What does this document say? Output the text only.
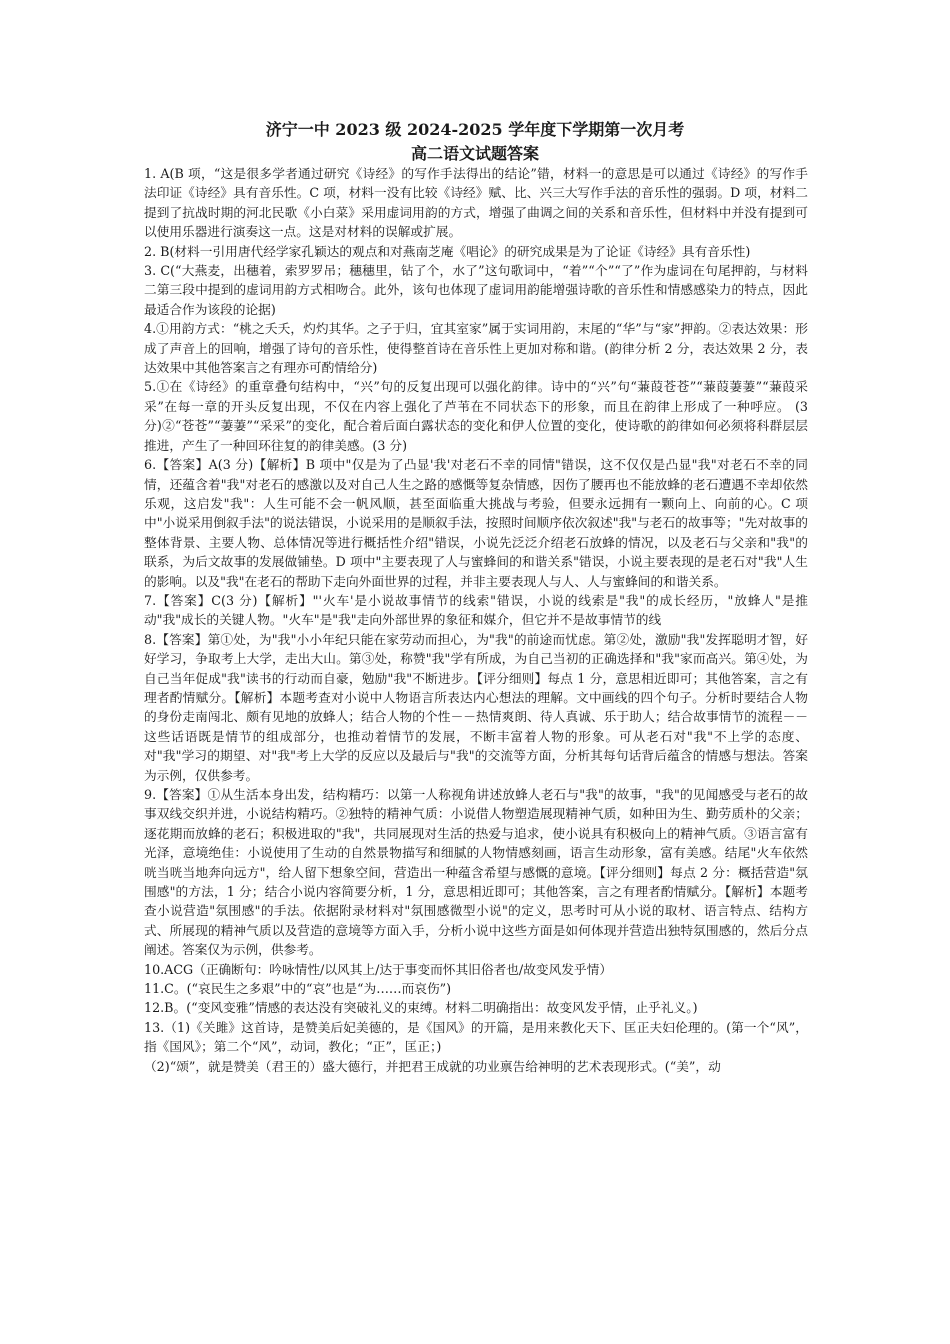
济宁一中 2023 级 2024-2025 学年度下学期第一次月考
高二语文试题答案

1. A(B 项，“这是很多学者通过研究《诗经》的写作手法得出的结论”错，材料一的意思是可以通过《诗经》的写作手法印证《诗经》具有音乐性。C 项，材料一没有比较《诗经》赋、比、兴三大写作手法的音乐性的强弱。D 项，材料二提到了抗战时期的河北民歌《小白菜》采用虚词用韵的方式，增强了曲调之间的关系和音乐性，但材料中并没有提到可以使用乐器进行演奏这一点。这是对材料的误解或扩展。

2. B(材料一引用唐代经学家孔颖达的观点和对燕南芝庵《唱论》的研究成果是为了论证《诗经》具有音乐性)

3. C(“大燕麦，出穗着，索罗罗吊；穗穗里，钻了个，水了”这句歌词中，“着”“个”“了”作为虚词在句尾押韵，与材料二第三段中提到的虚词用韵方式相吻合。此外，该句也体现了虚词用韵能增强诗歌的音乐性和情感感染力的特点，因此最适合作为该段的论据)

4.①用韵方式：“桃之夭夭，灼灼其华。之子于归，宜其室家”属于实词用韵，末尾的“华”与“家”押韵。②表达效果：形成了声音上的回响，增强了诗句的音乐性，使得整首诗在音乐性上更加对称和谐。(韵律分析 2 分，表达效果 2 分，表达效果中其他答案言之有理亦可酌情给分)

5.①在《诗经》的重章叠句结构中，“兴”句的反复出现可以强化韵律。诗中的“兴”句“蒹葭苍苍”“蒹葭萋萋”“蒹葭采采”在每一章的开头反复出现，不仅在内容上强化了芦苇在不同状态下的形象，而且在韵律上形成了一种呼应。 (3 分)②“苍苍”“萋萋”“采采”的变化，配合着后面白露状态的变化和伊人位置的变化，使诗歌的韵律如何必须将科群层层推进，产生了一种回环往复的韵律美感。(3 分)

6.【答案】A(3 分)【解析】B 项中"仅是为了凸显'我'对老石不幸的同情"错误，这不仅仅是凸显"我"对老石不幸的同情，还蕴含着"我"对老石的感激以及对自己人生之路的感慨等复杂情感，因伤了腰再也不能放蜂的老石遭遇不幸却依然乐观，这启发"我"：人生可能不会一帆风顺，甚至面临重大挑战与考验，但要永远拥有一颗向上、向前的心。C 项中"小说采用倒叙手法"的说法错误，小说采用的是顺叙手法，按照时间顺序依次叙述"我"与老石的故事等；"先对故事的整体背景、主要人物、总体情况等进行概括性介绍"错误，小说先泛泛介绍老石放蜂的情况，以及老石与父亲和"我"的联系，为后文故事的发展做铺垫。D 项中"主要表现了人与蜜蜂间的和谐关系"错误，小说主要表现的是老石对"我"人生的影响。以及"我"在老石的帮助下走向外面世界的过程，并非主要表现人与人、人与蜜蜂间的和谐关系。

7.【答案】C(3 分)【解析】"'火车'是小说故事情节的线索"错误，小说的线索是"我"的成长经历，"放蜂人"是推动"我"成长的关键人物。"火车"是"我"走向外部世界的象征和媒介，但它并不是故事情节的线

8.【答案】第①处，为"我"小小年纪只能在家劳动而担心，为"我"的前途而忧虑。第②处，激励"我"发挥聪明才智，好好学习，争取考上大学，走出大山。第③处，称赞"我"学有所成，为自己当初的正确选择和"我"家而高兴。第④处，为自己当年促成"我"读书的行动而自豪，勉励"我"不断进步。【评分细则】每点 1 分，意思相近即可；其他答案，言之有理者酌情赋分。【解析】本题考查对小说中人物语言所表达内心想法的理解。文中画线的四个句子。分析时要结合人物的身份走南闯北、颇有见地的放蜂人；结合人物的个性－－热情爽朗、待人真诚、乐于助人；结合故事情节的流程－－这些话语既是情节的组成部分，也推动着情节的发展，不断丰富着人物的形象。可从老石对"我"不上学的态度、对"我"学习的期望、对"我"考上大学的反应以及最后与"我"的交流等方面，分析其每句话背后蕴含的情感与想法。答案为示例，仅供参考。

9.【答案】①从生活本身出发，结构精巧：以第一人称视角讲述放蜂人老石与"我"的故事，"我"的见闻感受与老石的故事双线交织并进，小说结构精巧。②独特的精神气质：小说借人物塑造展现精神气质，如种田为生、勤劳质朴的父亲；逐花期而放蜂的老石；积极进取的"我"，共同展现对生活的热爱与追求，使小说具有积极向上的精神气质。③语言富有光泽，意境绝佳：小说使用了生动的自然景物描写和细腻的人物情感刻画，语言生动形象，富有美感。结尾"火车依然咣当咣当地奔向远方"，给人留下想象空间，营造出一种蕴含希望与感慨的意境。【评分细则】每点 2 分：概括营造"氛围感"的方法，1 分；结合小说内容简要分析，1 分，意思相近即可；其他答案，言之有理者酌情赋分。【解析】本题考查小说营造"氛围感"的手法。依据附录材料对"氛围感微型小说"的定义，思考时可从小说的取材、语言特点、结构方式、所展现的精神气质以及营造的意境等方面入手，分析小说中这些方面是如何体现并营造出独特氛围感的，然后分点阐述。答案仅为示例，供参考。

10.ACG（正确断句：吟咏情性/以风其上/达于事变而怀其旧俗者也/故变风发乎情）

11.C。(“哀民生之多艰”中的“哀”也是“为……而哀伤”)

12.B。(“变风变雅”情感的表达没有突破礼义的束缚。材料二明确指出：故变风发乎情，止乎礼义。)

13.（1)《关雎》这首诗，是赞美后妃美德的，是《国风》的开篇，是用来教化天下、匡正夫妇伦理的。(第一个“风”，指《国风》；第二个“风”，动词，教化；“正”，匡正；)

（2)“颂”，就是赞美（君王的）盛大德行，并把君王成就的功业禀告给神明的艺术表现形式。(“美”，动
